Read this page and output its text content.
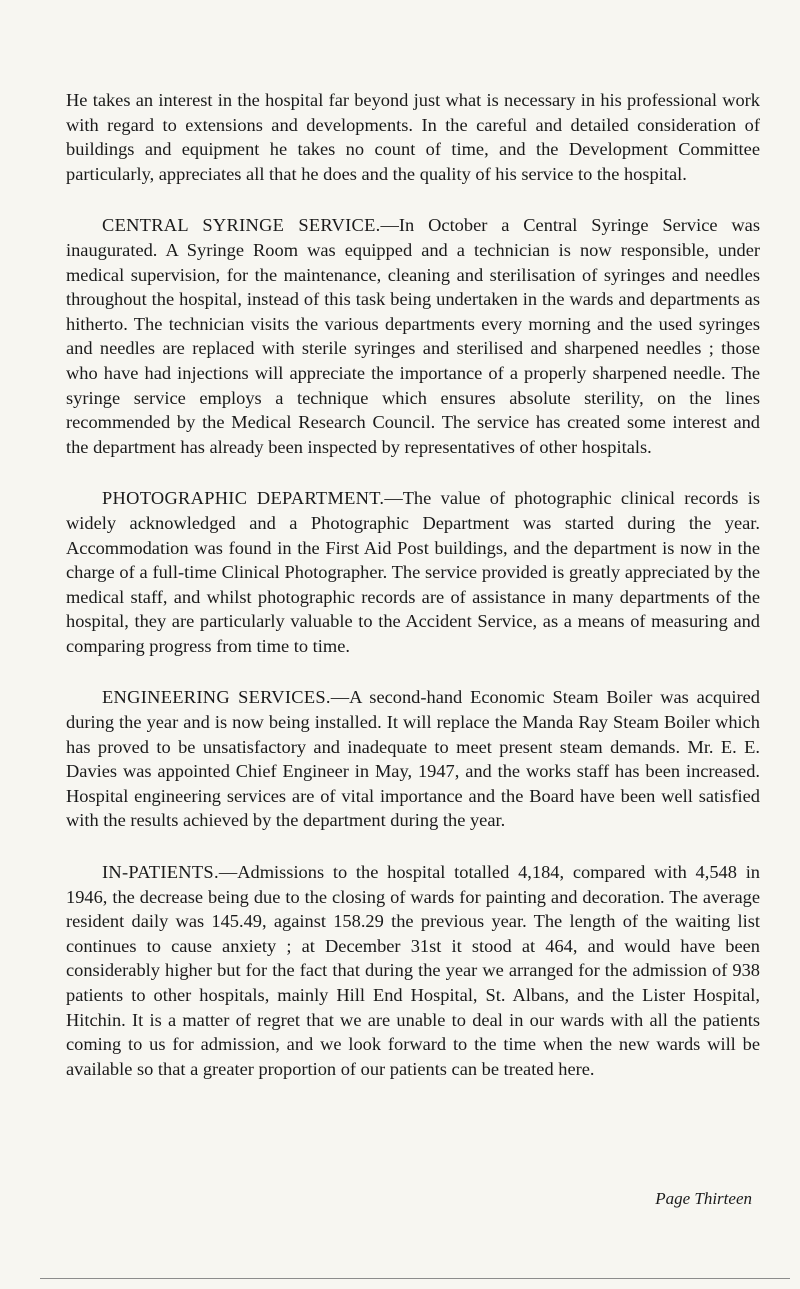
He takes an interest in the hospital far beyond just what is necessary in his professional work with regard to extensions and developments. In the careful and detailed consideration of buildings and equipment he takes no count of time, and the Development Committee particularly, appreciates all that he does and the quality of his service to the hospital.

CENTRAL SYRINGE SERVICE.—In October a Central Syringe Service was inaugurated. A Syringe Room was equipped and a technician is now responsible, under medical supervision, for the maintenance, cleaning and sterilisation of syringes and needles throughout the hospital, instead of this task being undertaken in the wards and departments as hitherto. The technician visits the various departments every morning and the used syringes and needles are replaced with sterile syringes and sterilised and sharpened needles ; those who have had injections will appreciate the importance of a properly sharpened needle. The syringe service employs a technique which ensures absolute sterility, on the lines recommended by the Medical Research Council. The service has created some interest and the department has already been inspected by representatives of other hospitals.

PHOTOGRAPHIC DEPARTMENT.—The value of photographic clinical records is widely acknowledged and a Photographic Department was started during the year. Accommodation was found in the First Aid Post buildings, and the department is now in the charge of a full-time Clinical Photographer. The service provided is greatly appreciated by the medical staff, and whilst photographic records are of assistance in many departments of the hospital, they are particularly valuable to the Accident Service, as a means of measuring and comparing progress from time to time.

ENGINEERING SERVICES.—A second-hand Economic Steam Boiler was acquired during the year and is now being installed. It will replace the Manda Ray Steam Boiler which has proved to be unsatisfactory and inadequate to meet present steam demands. Mr. E. E. Davies was appointed Chief Engineer in May, 1947, and the works staff has been increased. Hospital engineering services are of vital importance and the Board have been well satisfied with the results achieved by the department during the year.

IN-PATIENTS.—Admissions to the hospital totalled 4,184, compared with 4,548 in 1946, the decrease being due to the closing of wards for painting and decoration. The average resident daily was 145.49, against 158.29 the previous year. The length of the waiting list continues to cause anxiety ; at December 31st it stood at 464, and would have been considerably higher but for the fact that during the year we arranged for the admission of 938 patients to other hospitals, mainly Hill End Hospital, St. Albans, and the Lister Hospital, Hitchin. It is a matter of regret that we are unable to deal in our wards with all the patients coming to us for admission, and we look forward to the time when the new wards will be available so that a greater proportion of our patients can be treated here.

Page Thirteen
